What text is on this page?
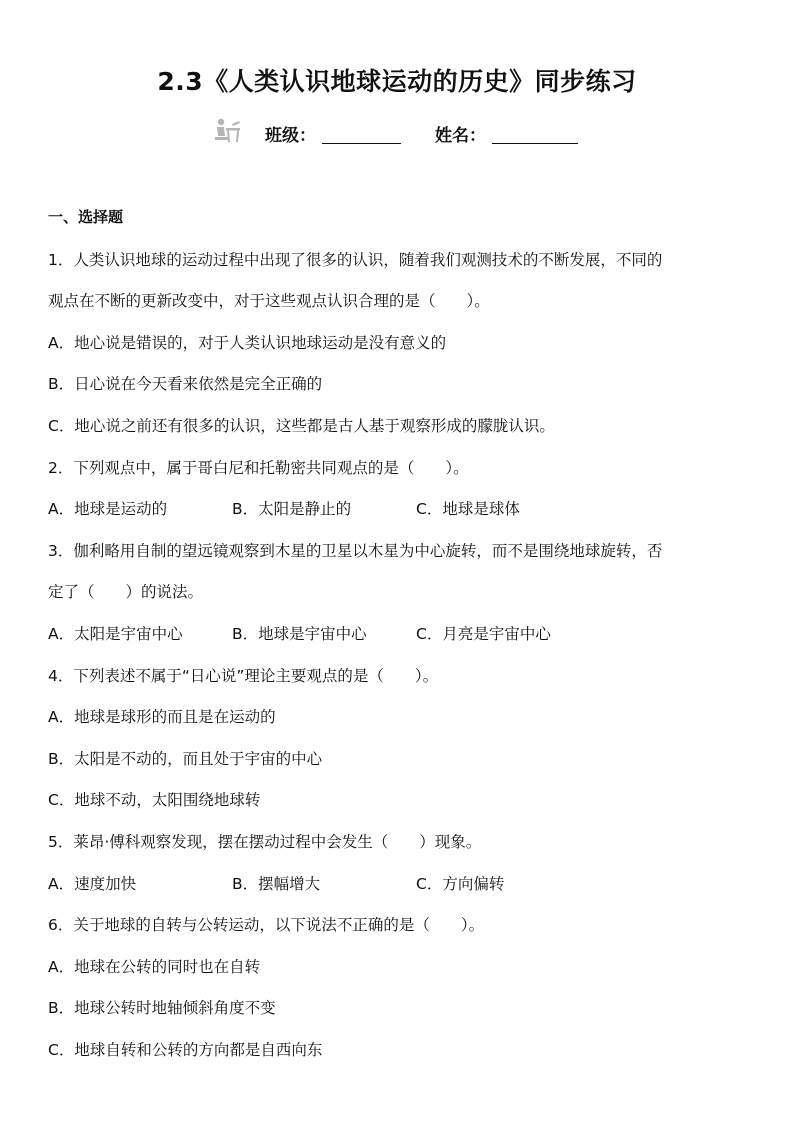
2.3《人类认识地球运动的历史》同步练习
班级：	姓名：
一、选择题
1．人类认识地球的运动过程中出现了很多的认识，随着我们观测技术的不断发展，不同的
观点在不断的更新改变中，对于这些观点认识合理的是（　　）。
A．地心说是错误的，对于人类认识地球运动是没有意义的
B．日心说在今天看来依然是完全正确的
C．地心说之前还有很多的认识，这些都是古人基于观察形成的朦胧认识。
2．下列观点中，属于哥白尼和托勒密共同观点的是（　　）。
A．地球是运动的	B．太阳是静止的	C．地球是球体
3．伽利略用自制的望远镜观察到木星的卫星以木星为中心旋转，而不是围绕地球旋转，否
定了（　　）的说法。
A．太阳是宇宙中心	B．地球是宇宙中心	C．月亮是宇宙中心
4．下列表述不属于“日心说”理论主要观点的是（　　）。
A．地球是球形的而且是在运动的
B．太阳是不动的，而且处于宇宙的中心
C．地球不动，太阳围绕地球转
5．莱昂·傅科观察发现，摆在摆动过程中会发生（　　）现象。
A．速度加快	B．摆幅增大	C．方向偏转
6．关于地球的自转与公转运动，以下说法不正确的是（　　）。
A．地球在公转的同时也在自转
B．地球公转时地轴倾斜角度不变
C．地球自转和公转的方向都是自西向东
